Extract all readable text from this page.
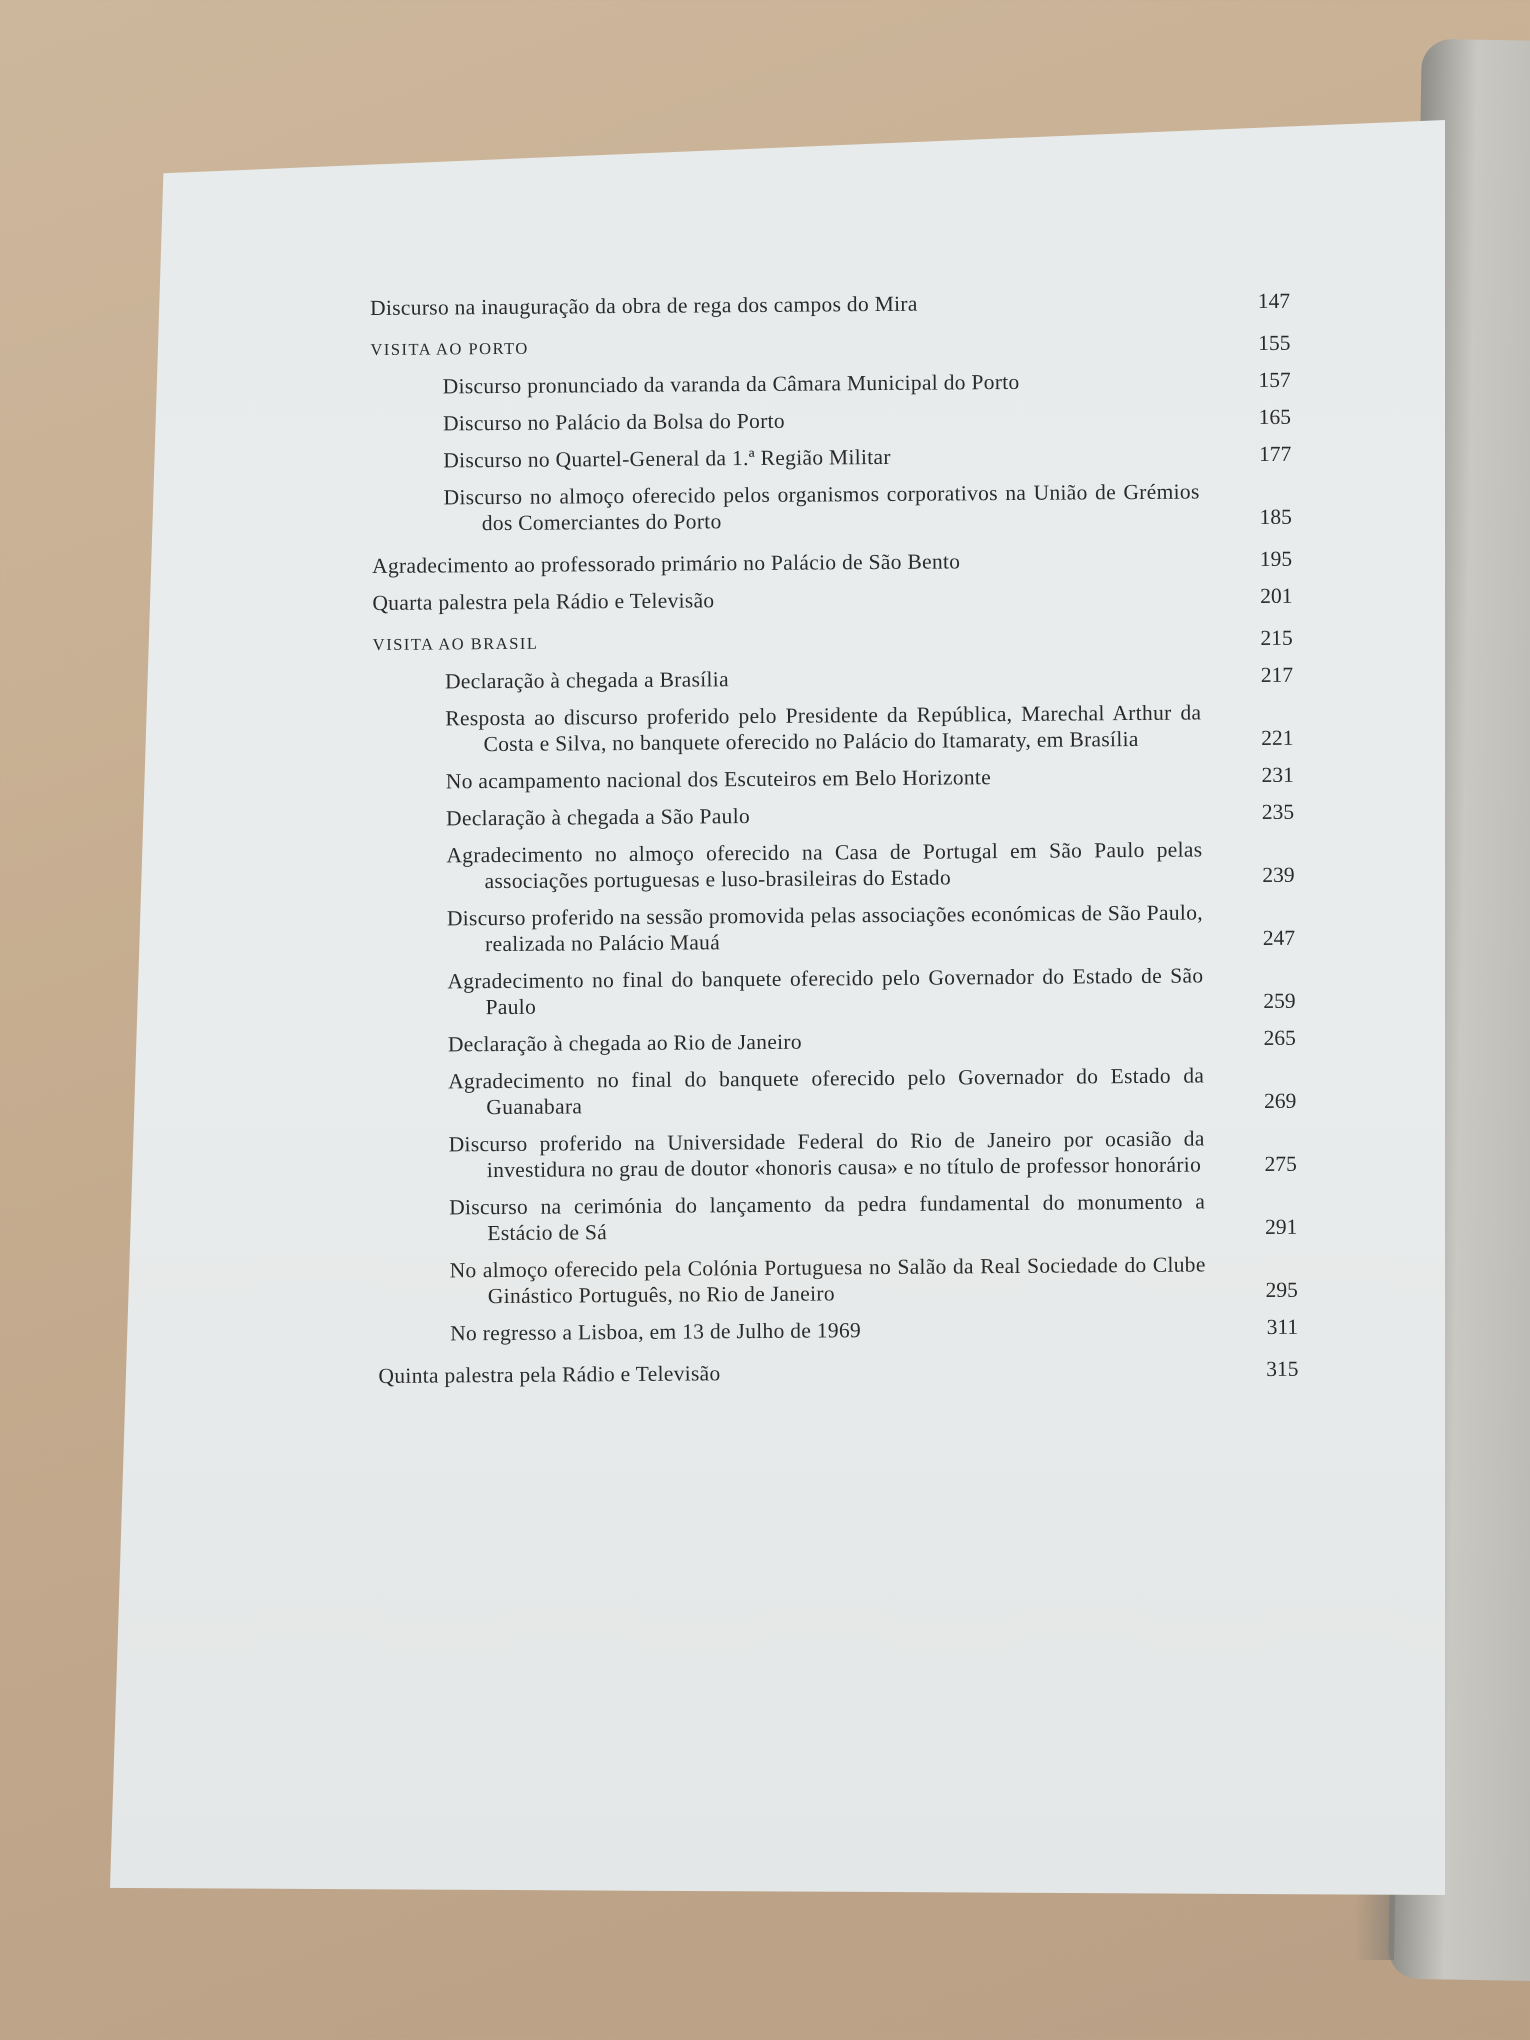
Discurso na inauguração da obra de rega dos campos do Mira	147
VISITA AO PORTO	155
Discurso pronunciado da varanda da Câmara Municipal do Porto	157
Discurso no Palácio da Bolsa do Porto	165
Discurso no Quartel-General da 1.ª Região Militar	177
Discurso no almoço oferecido pelos organismos corporativos na União de Grémios dos Comerciantes do Porto	185
Agradecimento ao professorado primário no Palácio de São Bento	195
Quarta palestra pela Rádio e Televisão	201
VISITA AO BRASIL	215
Declaração à chegada a Brasília	217
Resposta ao discurso proferido pelo Presidente da República, Marechal Arthur da Costa e Silva, no banquete oferecido no Palácio do Itamaraty, em Brasília	221
No acampamento nacional dos Escuteiros em Belo Horizonte	231
Declaração à chegada a São Paulo	235
Agradecimento no almoço oferecido na Casa de Portugal em São Paulo pelas associações portuguesas e luso-brasileiras do Estado	239
Discurso proferido na sessão promovida pelas associações económicas de São Paulo, realizada no Palácio Mauá	247
Agradecimento no final do banquete oferecido pelo Governador do Estado de São Paulo	259
Declaração à chegada ao Rio de Janeiro	265
Agradecimento no final do banquete oferecido pelo Governador do Estado da Guanabara	269
Discurso proferido na Universidade Federal do Rio de Janeiro por ocasião da investidura no grau de doutor «honoris causa» e no título de professor honorário	275
Discurso na cerimónia do lançamento da pedra fundamental do monumento a Estácio de Sá	291
No almoço oferecido pela Colónia Portuguesa no Salão da Real Sociedade do Clube Ginástico Português, no Rio de Janeiro	295
No regresso a Lisboa, em 13 de Julho de 1969	311
Quinta palestra pela Rádio e Televisão	315
